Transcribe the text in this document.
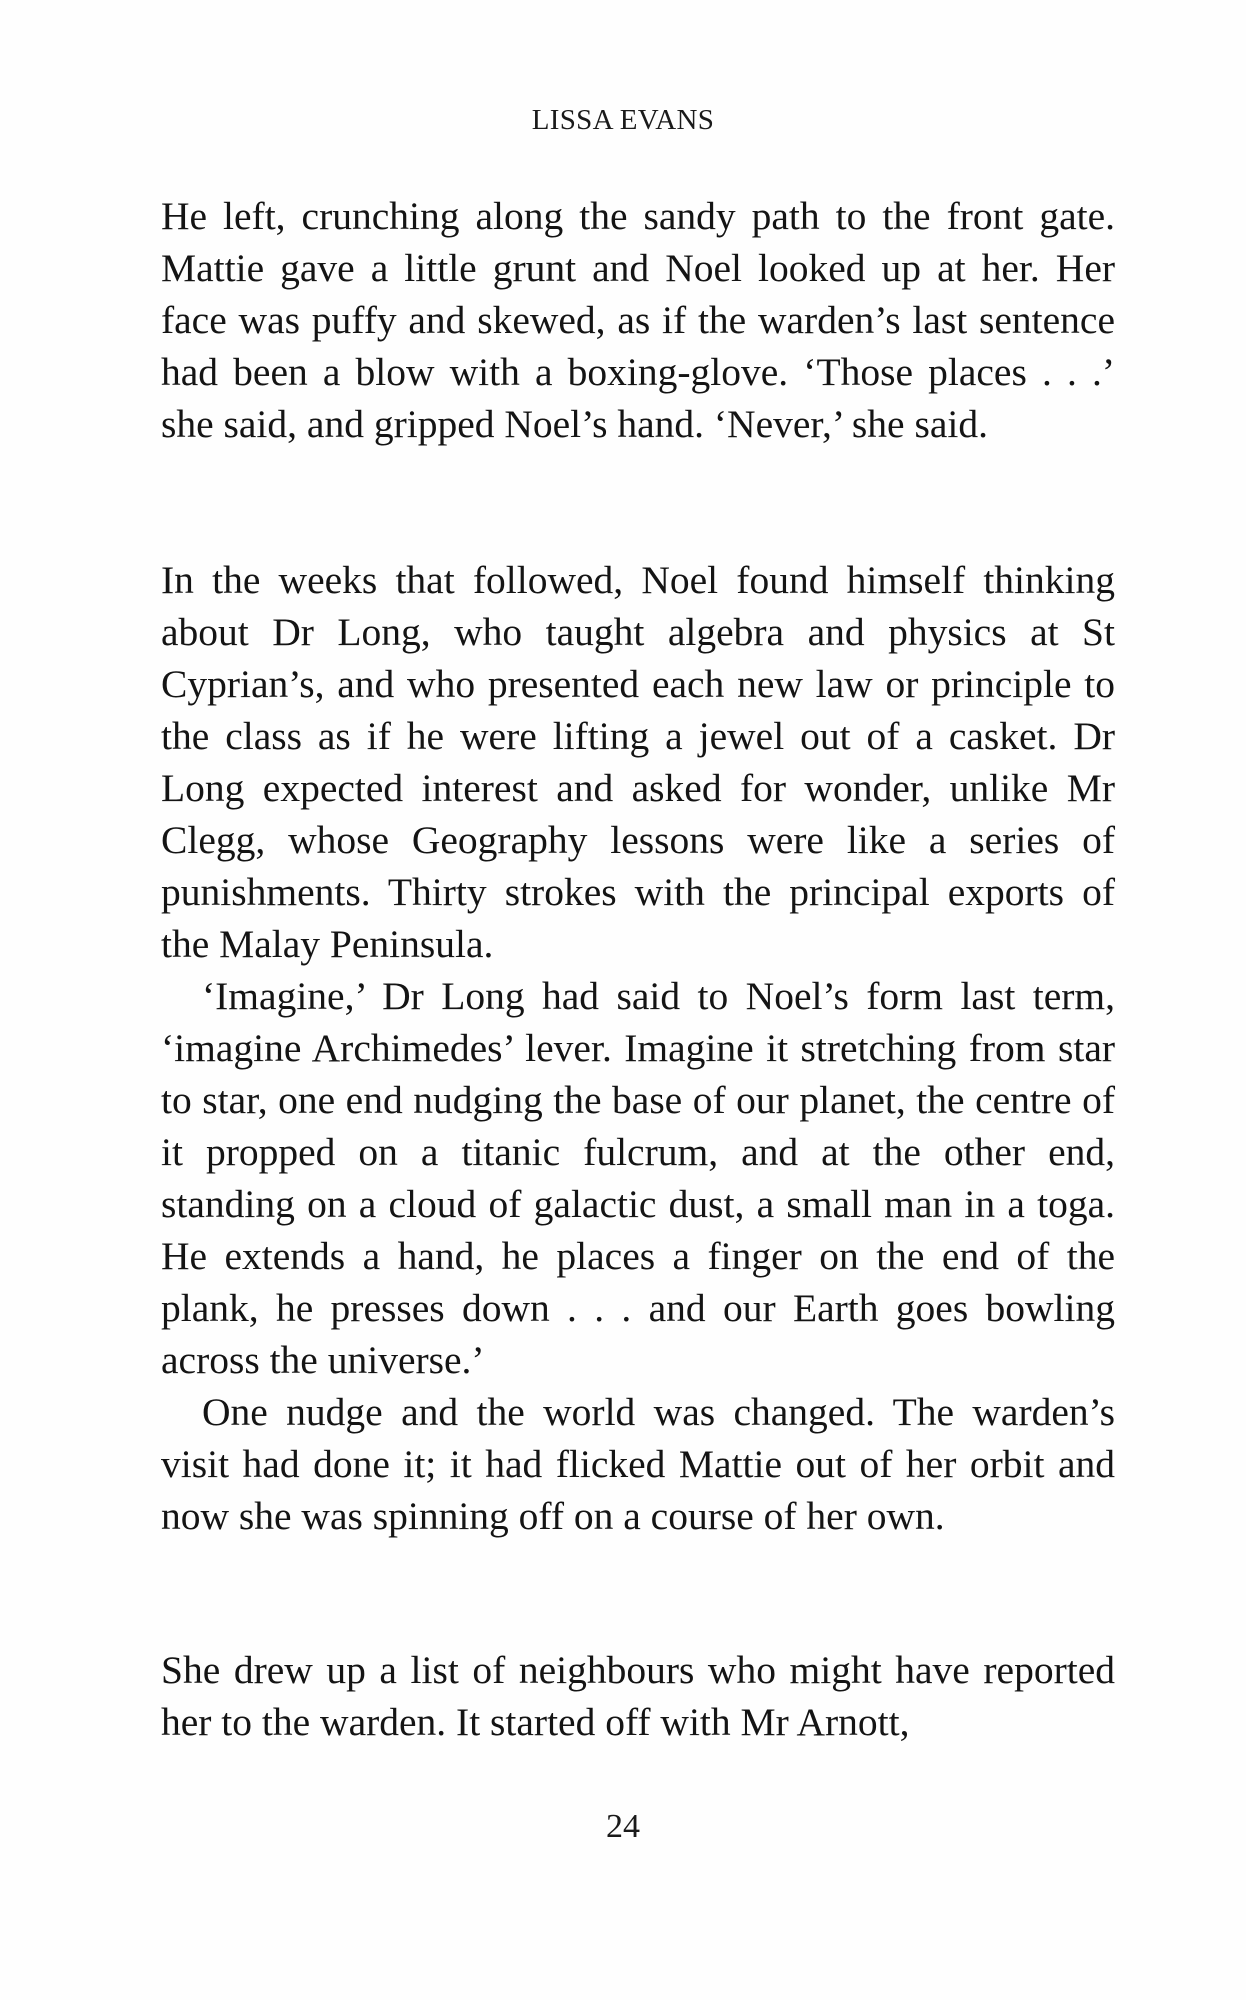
LISSA EVANS

He left, crunching along the sandy path to the front gate. Mattie gave a little grunt and Noel looked up at her. Her face was puffy and skewed, as if the warden’s last sentence had been a blow with a boxing-glove. ‘Those places . . .’ she said, and gripped Noel’s hand. ‘Never,’ she said.

In the weeks that followed, Noel found himself thinking about Dr Long, who taught algebra and physics at St Cyprian’s, and who presented each new law or principle to the class as if he were lifting a jewel out of a casket. Dr Long expected interest and asked for wonder, unlike Mr Clegg, whose Geography lessons were like a series of punishments. Thirty strokes with the principal exports of the Malay Peninsula.

‘Imagine,’ Dr Long had said to Noel’s form last term, ‘imagine Archimedes’ lever. Imagine it stretching from star to star, one end nudging the base of our planet, the centre of it propped on a titanic fulcrum, and at the other end, standing on a cloud of galactic dust, a small man in a toga. He extends a hand, he places a finger on the end of the plank, he presses down . . . and our Earth goes bowling across the universe.’

One nudge and the world was changed. The warden’s visit had done it; it had flicked Mattie out of her orbit and now she was spinning off on a course of her own.

She drew up a list of neighbours who might have reported her to the warden. It started off with Mr Arnott,

24
